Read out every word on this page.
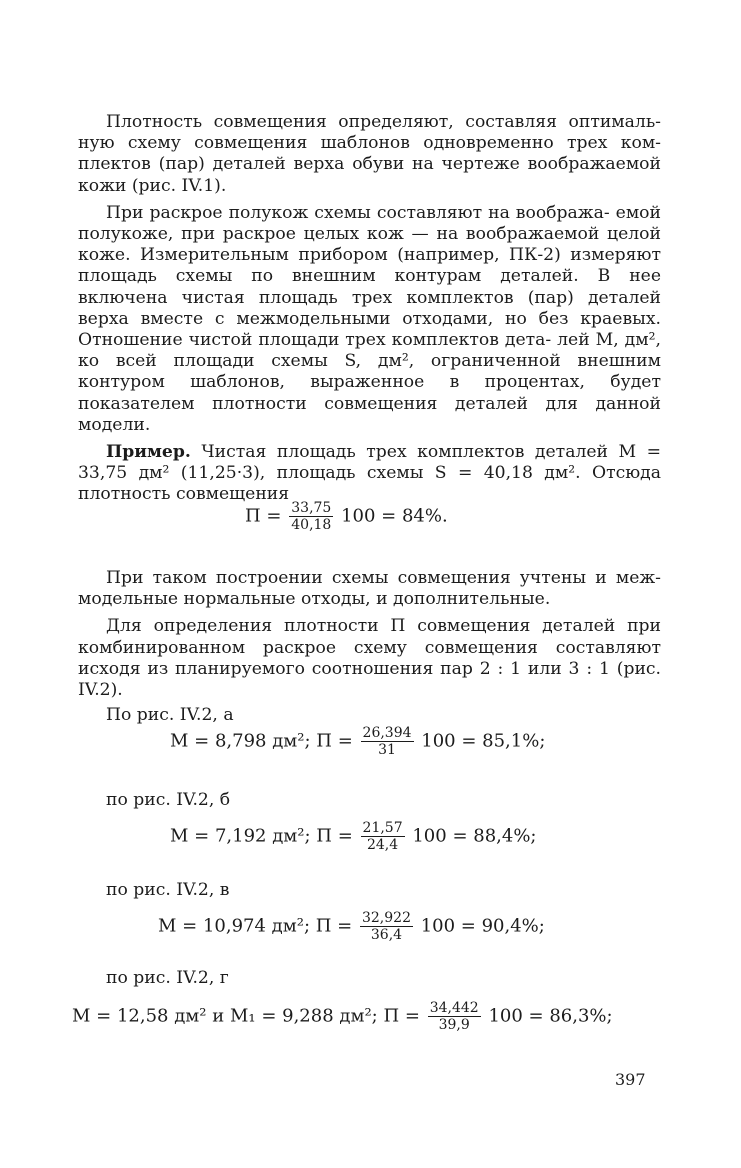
Плотность совмещения определяют, составляя оптималь- ную схему совмещения шаблонов одновременно трех ком- плектов (пар) деталей верха обуви на чертеже воображаемой кожи (рис. IV.1).

При раскрое полукож схемы составляют на вообража- емой полукоже, при раскрое целых кож — на воображаемой целой коже. Измерительным прибором (например, ПК-2) измеряют площадь схемы по внешним контурам деталей. В нее включена чистая площадь трех комплектов (пар) деталей верха вместе с межмодельными отходами, но без краевых. Отношение чистой площади трех комплектов дета- лей М, дм², ко всей площади схемы S, дм², ограниченной внешним контуром шаблонов, выраженное в процентах, будет показателем плотности совмещения деталей для данной модели.

Пример. Чистая площадь трех комплектов деталей М = 33,75 дм² (11,25·3), площадь схемы S = 40,18 дм². Отсюда плотность совмещения

$П = \frac{33,75}{40,18} 100 = 84\%$.

При таком построении схемы совмещения учтены и меж- модельные нормальные отходы, и дополнительные.

Для определения плотности П совмещения деталей при комбинированном раскрое схему совмещения составляют исходя из планируемого соотношения пар 2 : 1 или 3 : 1 (рис. IV.2).

По рис. IV.2, а

М = 8,798 дм²; $П = \frac{26,394}{31} 100 = 85,1\%$;

по рис. IV.2, б

М = 7,192 дм²; $П = \frac{21,57}{24,4} 100 = 88,4\%$;

по рис. IV.2, в

М = 10,974 дм²; $П = \frac{32,922}{36,4} 100 = 90,4\%$;

по рис. IV.2, г

М = 12,58 дм² и М₁ = 9,288 дм²; $П = \frac{34,442}{39,9} 100 = 86,3\%$;
397
